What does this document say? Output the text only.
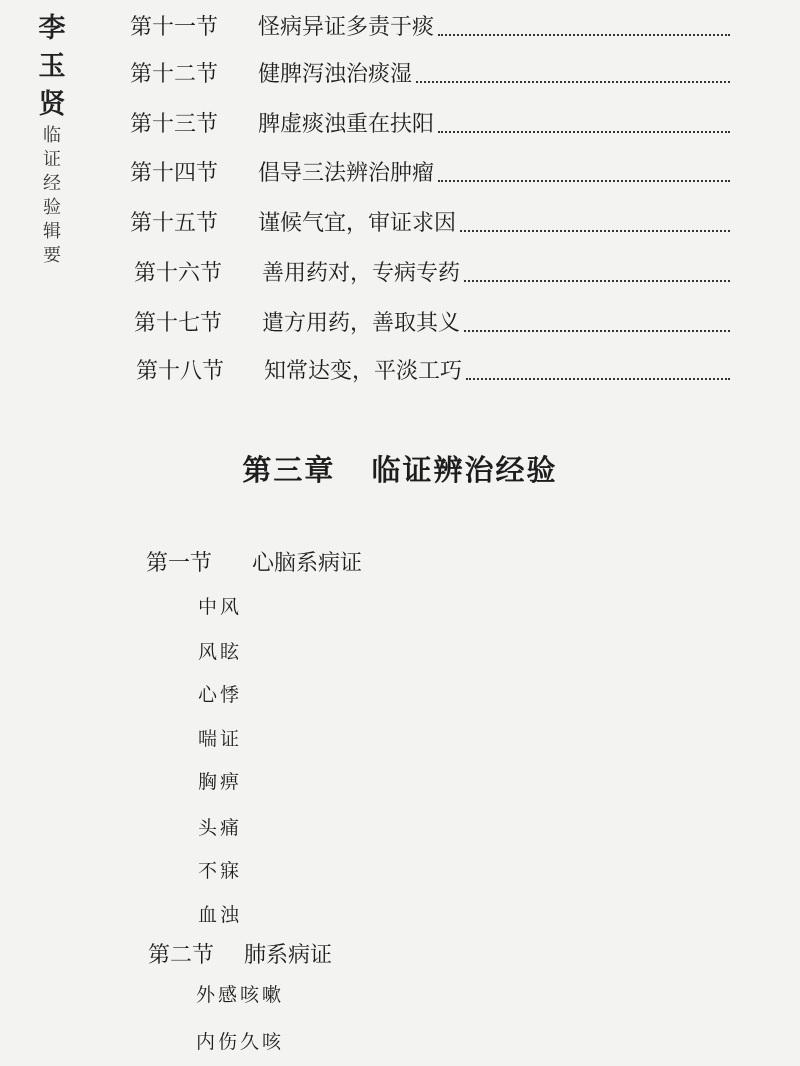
李
玉
贤
临
证
经
验
辑
要
第十一节 怪病异证多责于痰
第十二节 健脾泻浊治痰湿
第十三节 脾虚痰浊重在扶阳
第十四节 倡导三法辨治肿瘤
第十五节 谨候气宜，审证求因
第十六节 善用药对，专病专药
第十七节 遣方用药，善取其义
第十八节 知常达变，平淡工巧
第三章 临证辨治经验
第一节 心脑系病证
中风
风眩
心悸
喘证
胸痹
头痛
不寐
血浊
第二节 肺系病证
外感咳嗽
内伤久咳
